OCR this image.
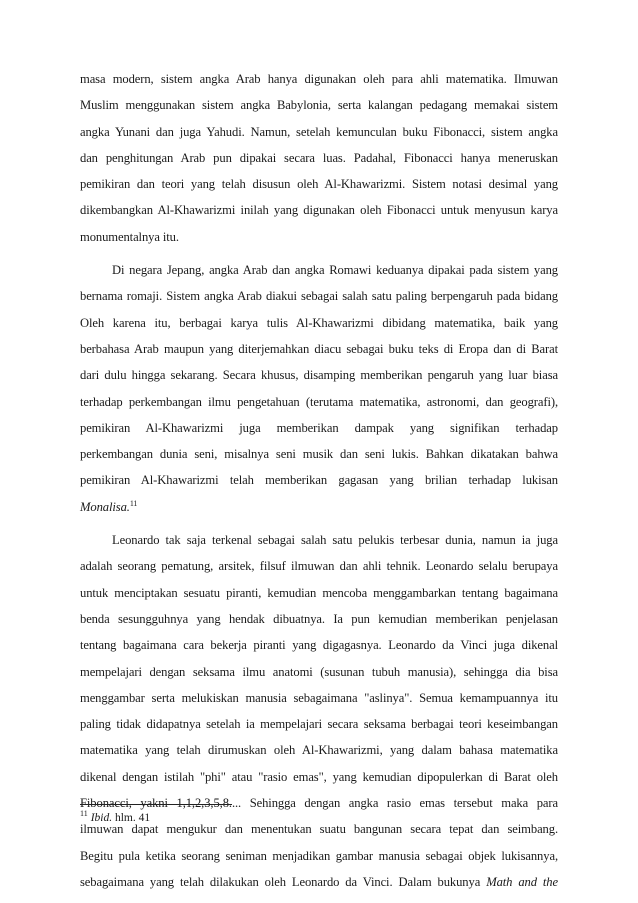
masa modern, sistem angka Arab hanya digunakan oleh para ahli matematika. Ilmuwan
Muslim menggunakan sistem angka Babylonia, serta kalangan pedagang memakai sistem
angka Yunani dan juga Yahudi. Namun, setelah kemunculan buku Fibonacci, sistem angka
dan penghitungan Arab pun dipakai secara luas. Padahal, Fibonacci hanya meneruskan
pemikiran dan teori yang telah disusun oleh Al-Khawarizmi. Sistem notasi desimal yang
dikembangkan Al-Khawarizmi inilah yang digunakan oleh Fibonacci untuk menyusun karya
monumentalnya itu.
Di negara Jepang, angka Arab dan angka Romawi keduanya dipakai pada sistem yang
bernama romaji. Sistem angka Arab diakui sebagai salah satu paling berpengaruh pada bidang
Oleh karena itu, berbagai karya tulis Al-Khawarizmi dibidang matematika, baik yang
berbahasa Arab maupun yang diterjemahkan diacu sebagai buku teks di Eropa dan di Barat
dari dulu hingga sekarang. Secara khusus, disamping memberikan pengaruh yang luar biasa
terhadap perkembangan ilmu pengetahuan (terutama matematika, astronomi, dan geografi),
pemikiran Al-Khawarizmi juga memberikan dampak yang signifikan terhadap
perkembangan dunia seni, misalnya seni musik dan seni lukis. Bahkan dikatakan bahwa
pemikiran Al-Khawarizmi telah memberikan gagasan yang brilian terhadap lukisan
Monalisa.$^{11}$
Leonardo tak saja terkenal sebagai salah satu pelukis terbesar dunia, namun ia juga
adalah seorang pematung, arsitek, filsuf ilmuwan dan ahli tehnik. Leonardo selalu berupaya
untuk menciptakan sesuatu piranti, kemudian mencoba menggambarkan tentang bagaimana
benda sesungguhnya yang hendak dibuatnya. Ia pun kemudian memberikan penjelasan
tentang bagaimana cara bekerja piranti yang digagasnya. Leonardo da Vinci juga dikenal
mempelajari dengan seksama ilmu anatomi (susunan tubuh manusia), sehingga dia bisa
menggambar serta melukiskan manusia sebagaimana "aslinya". Semua kemampuannya itu
paling tidak didapatnya setelah ia mempelajari secara seksama berbagai teori keseimbangan
matematika yang telah dirumuskan oleh Al-Khawarizmi, yang dalam bahasa matematika
dikenal dengan istilah "phi" atau "rasio emas", yang kemudian dipopulerkan di Barat oleh
Fibonacci, yakni 1,1,2,3,5,8.... Sehingga dengan angka rasio emas tersebut maka para
ilmuwan dapat mengukur dan menentukan suatu bangunan secara tepat dan seimbang.
Begitu pula ketika seorang seniman menjadikan gambar manusia sebagai objek lukisannya,
sebagaimana yang telah dilakukan oleh Leonardo da Vinci. Dalam bukunya Math and the
$^{11}$ Ibid. hlm. 41
